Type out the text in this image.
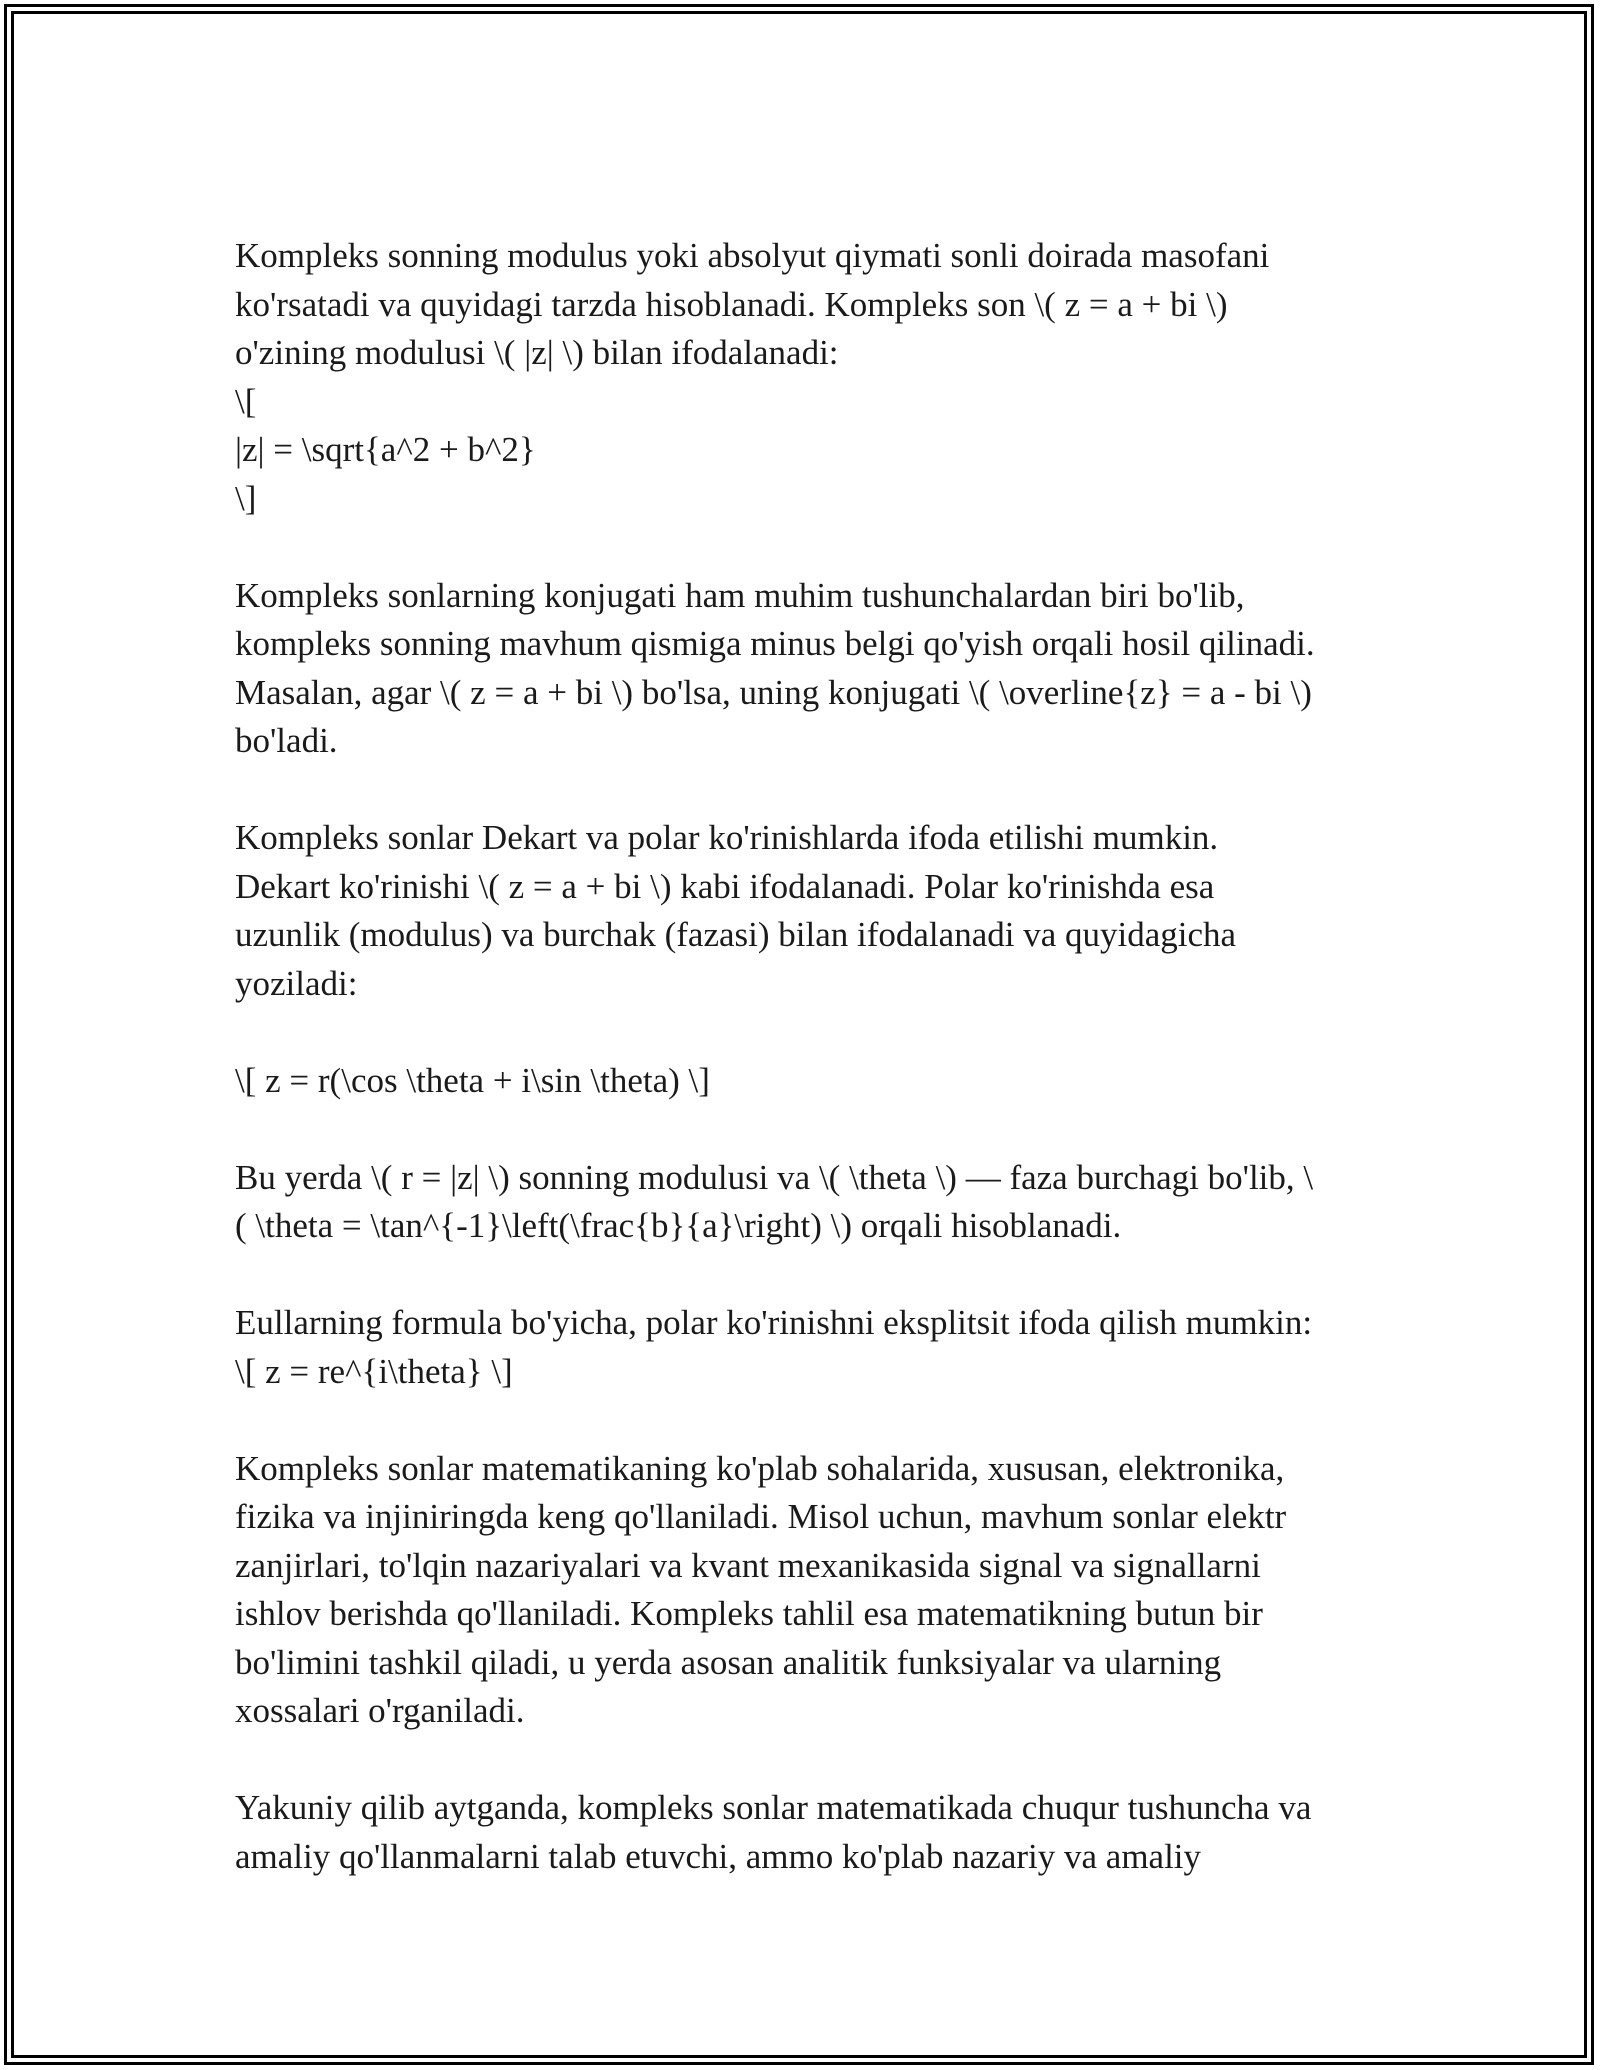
Kompleks sonning modulus yoki absolyut qiymati sonli doirada masofani
ko'rsatadi va quyidagi tarzda hisoblanadi. Kompleks son \( z = a + bi \)
o'zining modulusi \( |z| \) bilan ifodalanadi:
\[
|z| = \sqrt{a^2 + b^2}
\]
Kompleks sonlarning konjugati ham muhim tushunchalardan biri bo'lib,
kompleks sonning mavhum qismiga minus belgi qo'yish orqali hosil qilinadi.
Masalan, agar \( z = a + bi \) bo'lsa, uning konjugati \( \overline{z} = a - bi \)
bo'ladi.
Kompleks sonlar Dekart va polar ko'rinishlarda ifoda etilishi mumkin.
Dekart ko'rinishi \( z = a + bi \) kabi ifodalanadi. Polar ko'rinishda esa
uzunlik (modulus) va burchak (fazasi) bilan ifodalanadi va quyidagicha
yoziladi:
\[ z = r(\cos \theta + i\sin \theta) \]
Bu yerda \( r = |z| \) sonning modulusi va \( \theta \) — faza burchagi bo'lib, \
( \theta = \tan^{-1}\left(\frac{b}{a}\right) \) orqali hisoblanadi.
Eullarning formula bo'yicha, polar ko'rinishni eksplitsit ifoda qilish mumkin:
\[ z = re^{i\theta} \]
Kompleks sonlar matematikaning ko'plab sohalarida, xususan, elektronika,
fizika va injiniringda keng qo'llaniladi. Misol uchun, mavhum sonlar elektr
zanjirlari, to'lqin nazariyalari va kvant mexanikasida signal va signallarni
ishlov berishda qo'llaniladi. Kompleks tahlil esa matematikning butun bir
bo'limini tashkil qiladi, u yerda asosan analitik funksiyalar va ularning
xossalari o'rganiladi.
Yakuniy qilib aytganda, kompleks sonlar matematikada chuqur tushuncha va
amaliy qo'llanmalarni talab etuvchi, ammo ko'plab nazariy va amaliy
